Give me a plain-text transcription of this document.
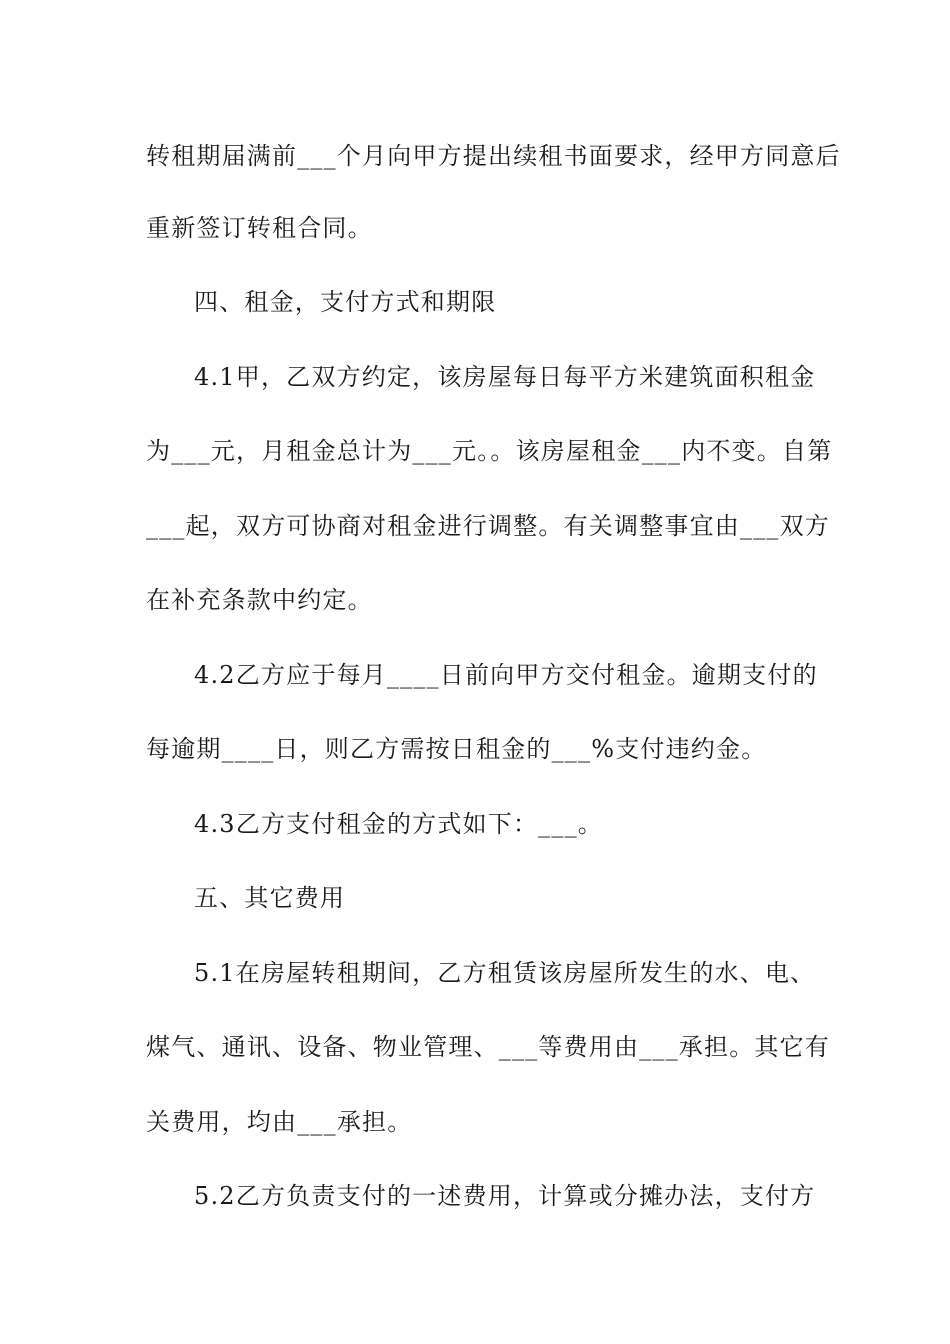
转租期届满前___个月向甲方提出续租书面要求，经甲方同意后
重新签订转租合同。
四、租金，支付方式和期限
4.1甲，乙双方约定，该房屋每日每平方米建筑面积租金
为___元，月租金总计为___元。。该房屋租金___内不变。自第
___起，双方可协商对租金进行调整。有关调整事宜由___双方
在补充条款中约定。
4.2乙方应于每月____日前向甲方交付租金。逾期支付的
每逾期____日，则乙方需按日租金的___%支付违约金。
4.3乙方支付租金的方式如下：___。
五、其它费用
5.1在房屋转租期间，乙方租赁该房屋所发生的水、电、
煤气、通讯、设备、物业管理、___等费用由___承担。其它有
关费用，均由___承担。
5.2乙方负责支付的一述费用，计算或分摊办法，支付方
